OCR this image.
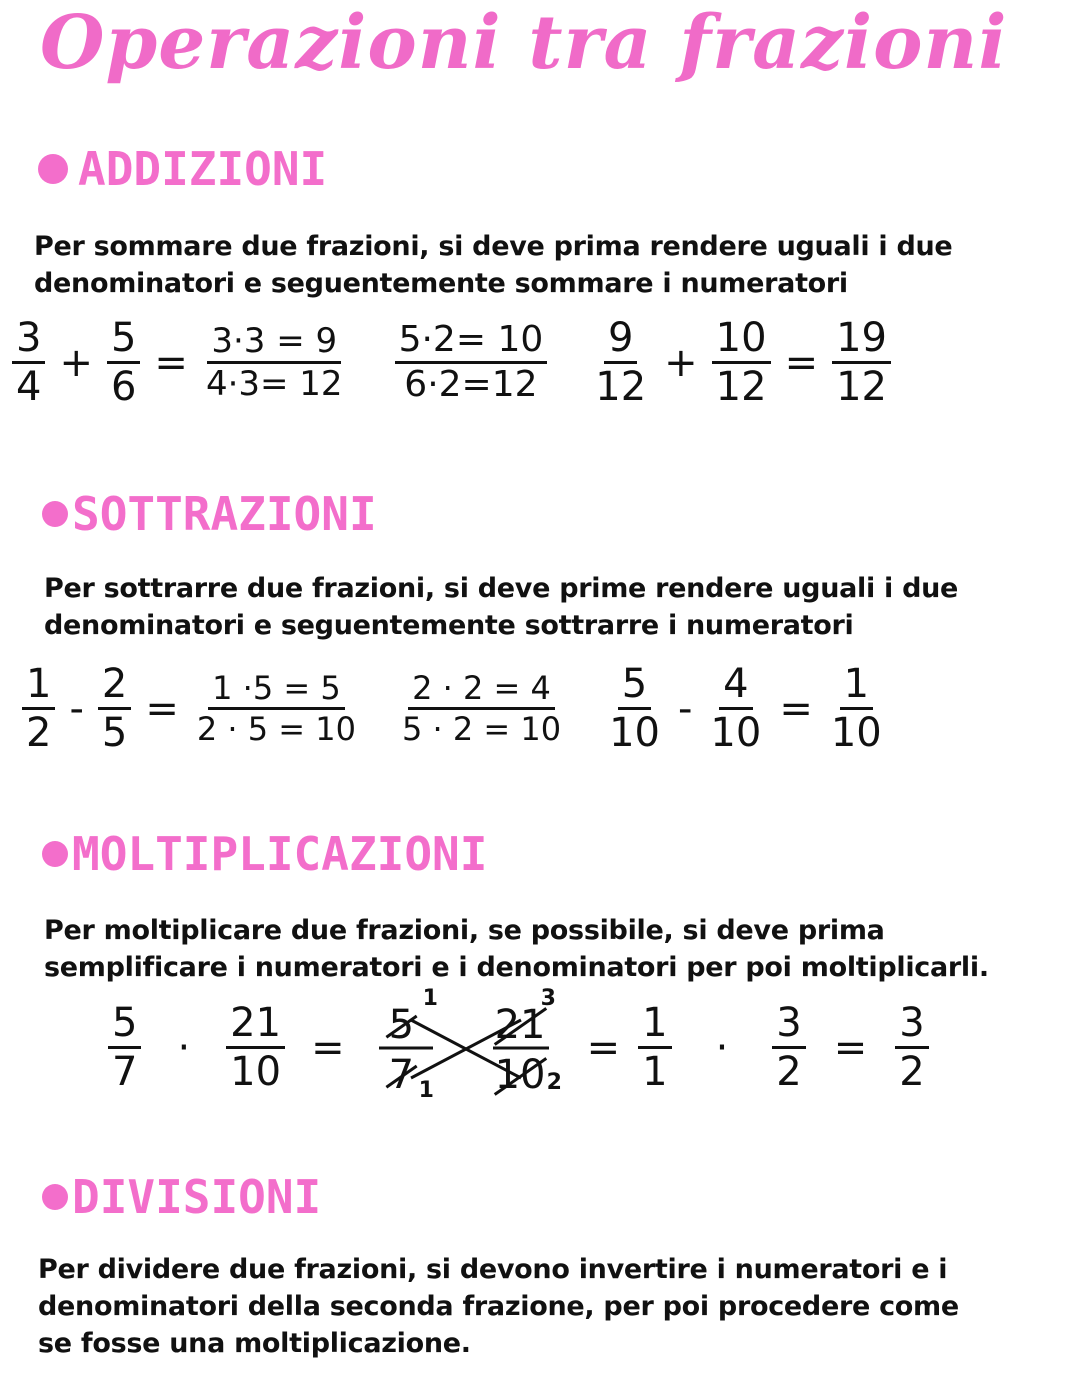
Operazioni tra frazioni
ADDIZIONI

Per sommare due frazioni, si deve prima rendere uguali i due
denominatori e seguentemente sommare i numeratori

$\frac{3}{4} + \frac{5}{6} = \frac{3\cdot 3 = 9}{4\cdot 3= 12} \frac{5\cdot 2= 10}{6\cdot 2=12} \frac{9}{12} + \frac{10}{12} = \frac{19}{12}$
SOTTRAZIONI

Per sottrarre due frazioni, si deve prime rendere uguali i due
denominatori e seguentemente sottrarre i numeratori

$\frac{1}{2} - \frac{2}{5} = \frac{1 \cdot 5 = 5}{2 \cdot 5 = 10} \frac{2 \cdot 2 = 4}{5 \cdot 2 = 10} \frac{5}{10} - \frac{4}{10} = \frac{1}{10}$
MOLTIPLICAZIONI

Per moltiplicare due frazioni, se possibile, si deve prima
semplificare i numeratori e i denominatori per poi moltiplicarli.

$\frac{5}{7} \cdot \frac{21}{10} = 5$
1
7 1
21
3
10 2
= $\frac{1}{1} \cdot \frac{3}{2} = \frac{3}{2}$
DIVISIONI

Per dividere due frazioni, si devono invertire i numeratori e i
denominatori della seconda frazione, per poi procedere come
se fosse una moltiplicazione.
